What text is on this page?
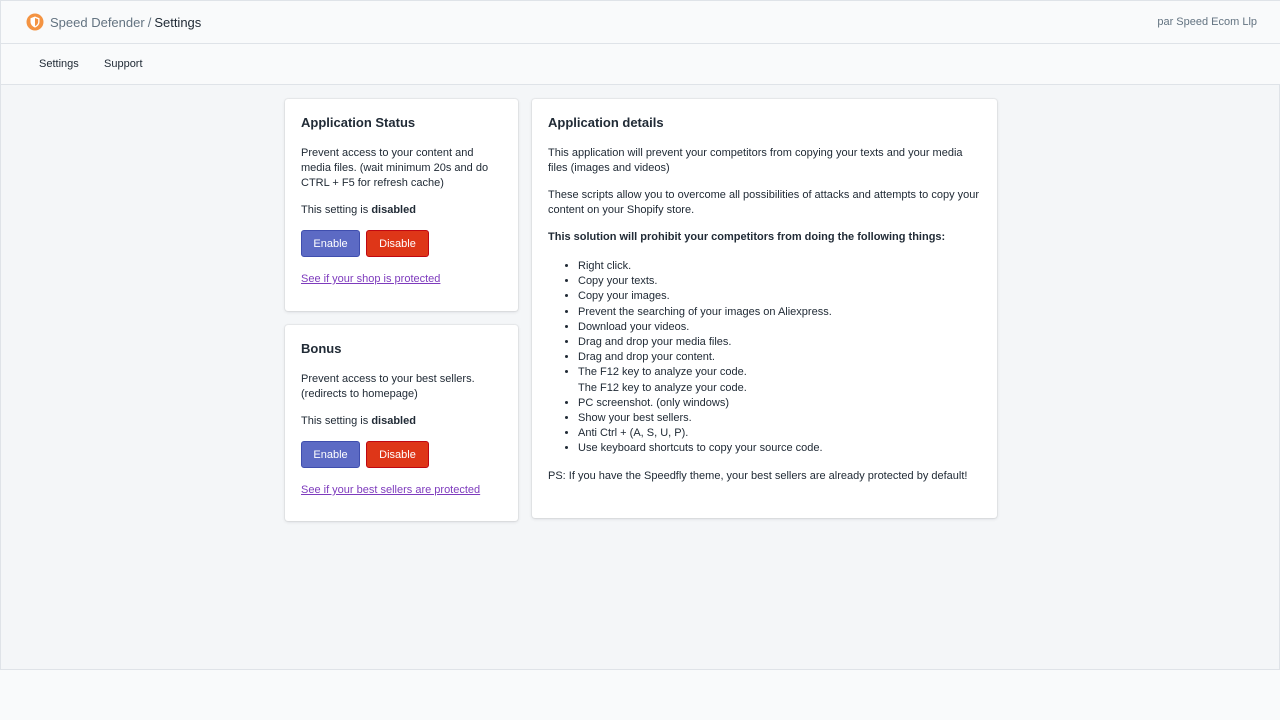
Speed Defender / Settings	par Speed Ecom Llp
Settings Support
Application Status

Prevent access to your content and media files. (wait minimum 20s and do CTRL + F5 for refresh cache)

This setting is disabled

Enable	Disable
See if your shop is protected
Bonus

Prevent access to your best sellers. (redirects to homepage)

This setting is disabled

Enable	Disable
See if your best sellers are protected
Application details

This application will prevent your competitors from copying your texts and your media files (images and videos)

These scripts allow you to overcome all possibilities of attacks and attempts to copy your content on your Shopify store.

This solution will prohibit your competitors from doing the following things:

• Right click.
• Copy your texts.
• Copy your images.
• Prevent the searching of your images on Aliexpress.
• Download your videos.
• Drag and drop your media files.
• Drag and drop your content.
• The F12 key to analyze your code.
The F12 key to analyze your code.
• PC screenshot. (only windows)
• Show your best sellers.
• Anti Ctrl + (A, S, U, P).
• Use keyboard shortcuts to copy your source code.

PS: If you have the Speedfly theme, your best sellers are already protected by default!
